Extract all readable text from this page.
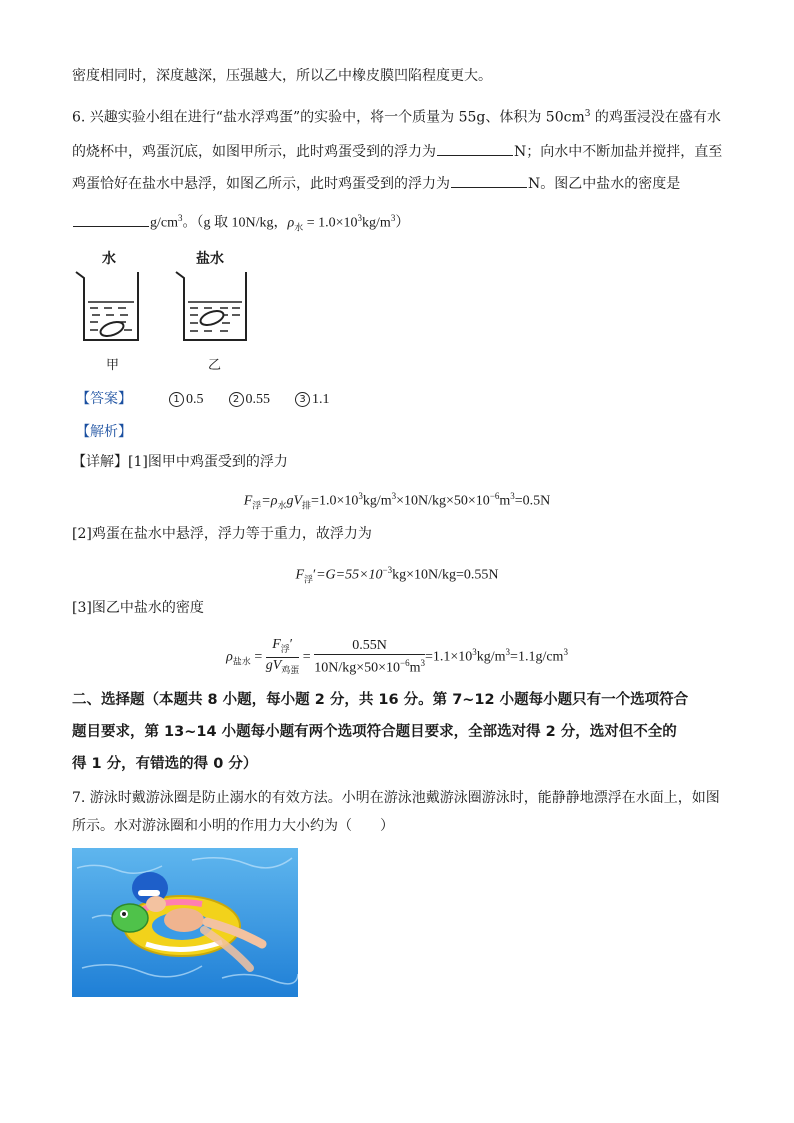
密度相同时，深度越深，压强越大，所以乙中橡皮膜凹陷程度更大。
6. 兴趣实验小组在进行“盐水浮鸡蛋”的实验中，将一个质量为 55g、体积为 $50cm^3$ 的鸡蛋浸没在盛有水
的烧杯中，鸡蛋沉底，如图甲所示，此时鸡蛋受到的浮力为	N；向水中不断加盐并搅拌，直至
鸡蛋恰好在盐水中悬浮，如图乙所示，此时鸡蛋受到的浮力为	N。图乙中盐水的密度是
$g/cm^3$。（g 取 10N/kg，$\rho_水 = 1.0\times 10^3kg/m^3$）
水	盐水
甲	乙
【答案】	1 0.5	2 0.55	3 1.1
【解析】
【详解】[1]图甲中鸡蛋受到的浮力
$F_浮=\rho_水gV_排=1.0\times 10^3kg/m^3\times 10N/kg\times 50\times 10^{-6}m^3=0.5N$
[2]鸡蛋在盐水中悬浮，浮力等于重力，故浮力为
$F_浮'=G=55\times 10^{-3}kg\times 10N/kg=0.55N$
[3]图乙中盐水的密度
$\rho_{盐水} = \frac{F_浮'}{gV_{鸡蛋}} = \frac{0.55N}{10N/kg\times 50\times 10^{-6}m^3} =1.1\times 10^3kg/m^3=1.1g/cm^3$
二、选择题（本题共 8 小题，每小题 2 分，共 16 分。第 7~12 小题每小题只有一个选项符合
题目要求，第 13~14 小题每小题有两个选项符合题目要求，全部选对得 2 分，选对但不全的
得 1 分，有错选的得 0 分）
7. 游泳时戴游泳圈是防止溺水的有效方法。小明在游泳池戴游泳圈游泳时，能静静地漂浮在水面上，如图
所示。水对游泳圈和小明的作用力大小约为（　　）
